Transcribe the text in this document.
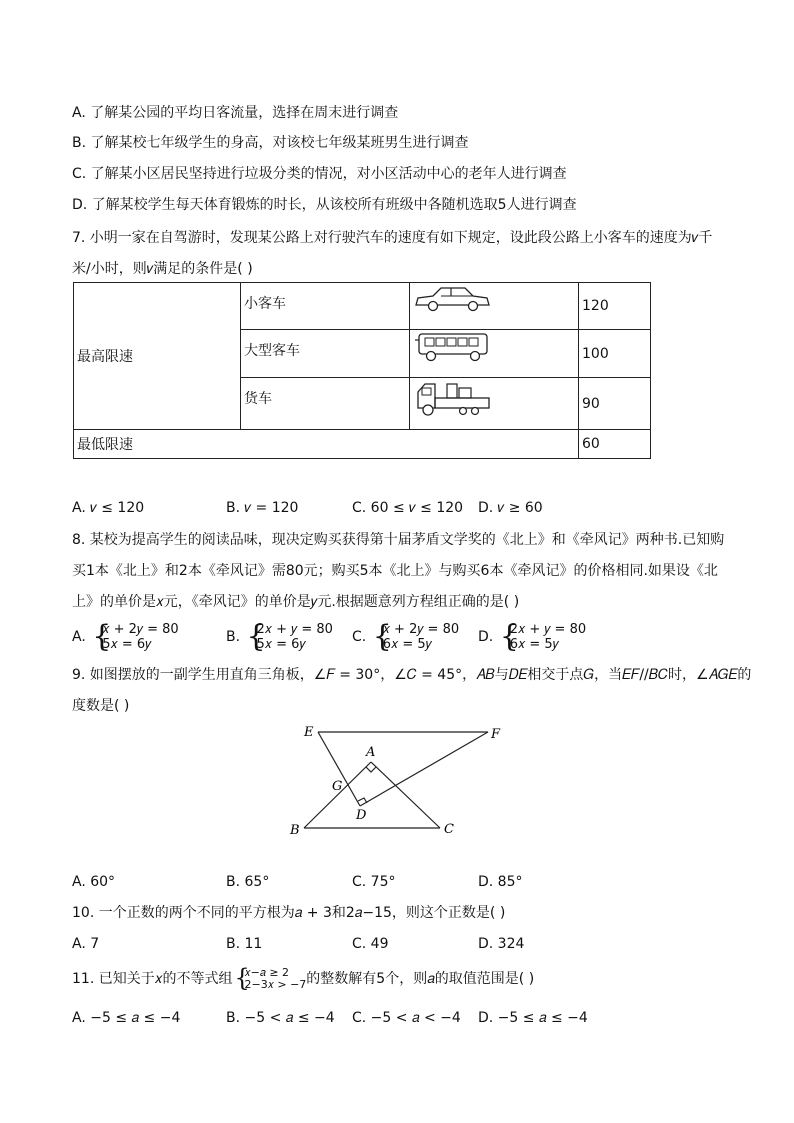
A. 了解某公园的平均日客流量，选择在周末进行调查
B. 了解某校七年级学生的身高，对该校七年级某班男生进行调查
C. 了解某小区居民坚持进行垃圾分类的情况，对小区活动中心的老年人进行调查
D. 了解某校学生每天体育锻炼的时长，从该校所有班级中各随机选取5人进行调查
7. 小明一家在自驾游时，发现某公路上对行驶汽车的速度有如下规定，设此段公路上小客车的速度为𝑣千
米/小时，则𝑣满足的条件是( )
最高限速	小客车		120
	大型客车		100
	货车		90
最低限速			60
A. 𝑣 ≤ 120	B. 𝑣 = 120	C. 60 ≤ 𝑣 ≤ 120 D. 𝑣 ≥ 60
8. 某校为提高学生的阅读品味，现决定购买获得第十届茅盾文学奖的《北上》和《牵风记》两种书.已知购
买1本《北上》和2本《牵风记》需80元；购买5本《北上》与购买6本《牵风记》的价格相同.如果设《北
上》的单价是𝑥元，《牵风记》的单价是𝑦元.根据题意列方程组正确的是( )
A. {
𝑥 + 2𝑦 = 80
5𝑥 = 6𝑦	B. {
2𝑥 + 𝑦 = 80
5𝑥 = 6𝑦	C. {
𝑥 + 2𝑦 = 80
6𝑥 = 5𝑦	D. {
2𝑥 + 𝑦 = 80
6𝑥 = 5𝑦
9. 如图摆放的一副学生用直角三角板，∠𝐹 = 30°，∠𝐶 = 45°，𝐴𝐵与𝐷𝐸相交于点𝐺，当𝐸𝐹//𝐵𝐶时，∠𝐴𝐺𝐸的
度数是( )
E	F
A
G
D
B	C
A. 60°	B. 65°	C. 75°	D. 85°
10. 一个正数的两个不同的平方根为𝑎 + 3和2𝑎−15，则这个正数是( )
A. 7	B. 11	C. 49	D. 324
11. 已知关于𝑥的不等式组 {
𝑥−𝑎 ≥ 2
2−3𝑥 > −7 的整数解有5个，则𝑎的取值范围是( )
A. −5 ≤ 𝑎 ≤ −4	B. −5 < 𝑎 ≤ −4 C. −5 < 𝑎 < −4 D. −5 ≤ 𝑎 ≤ −4
